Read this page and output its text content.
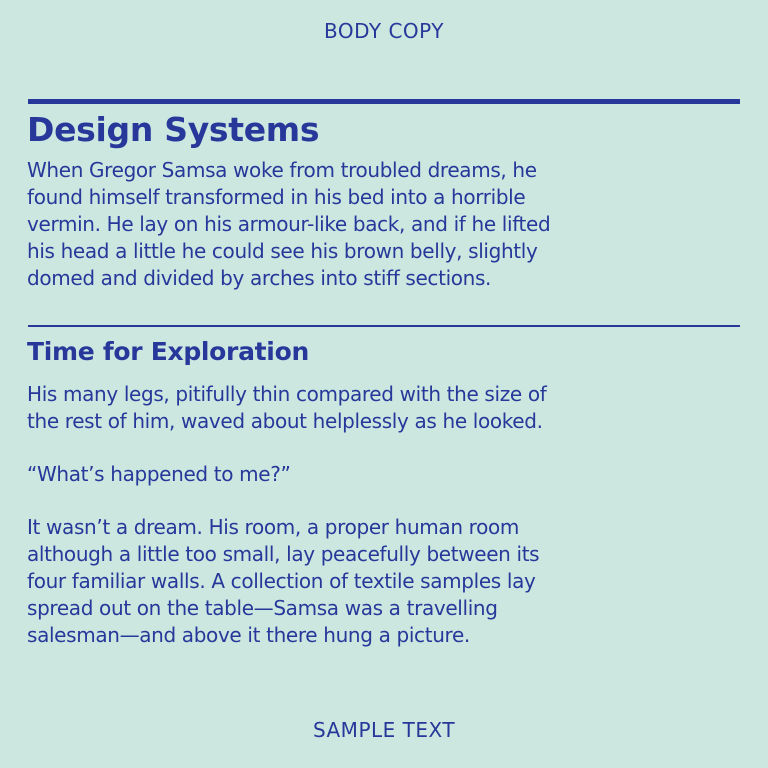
BODY COPY
Design Systems
When Gregor Samsa woke from troubled dreams, he
found himself transformed in his bed into a horrible
vermin. He lay on his armour-like back, and if he lifted
his head a little he could see his brown belly, slightly
domed and divided by arches into stiff sections.
Time for Exploration
His many legs, pitifully thin compared with the size of
the rest of him, waved about helplessly as he looked.
“What’s happened to me?”
It wasn’t a dream. His room, a proper human room
although a little too small, lay peacefully between its
four familiar walls. A collection of textile samples lay
spread out on the table—Samsa was a travelling
salesman—and above it there hung a picture.
SAMPLE TEXT
